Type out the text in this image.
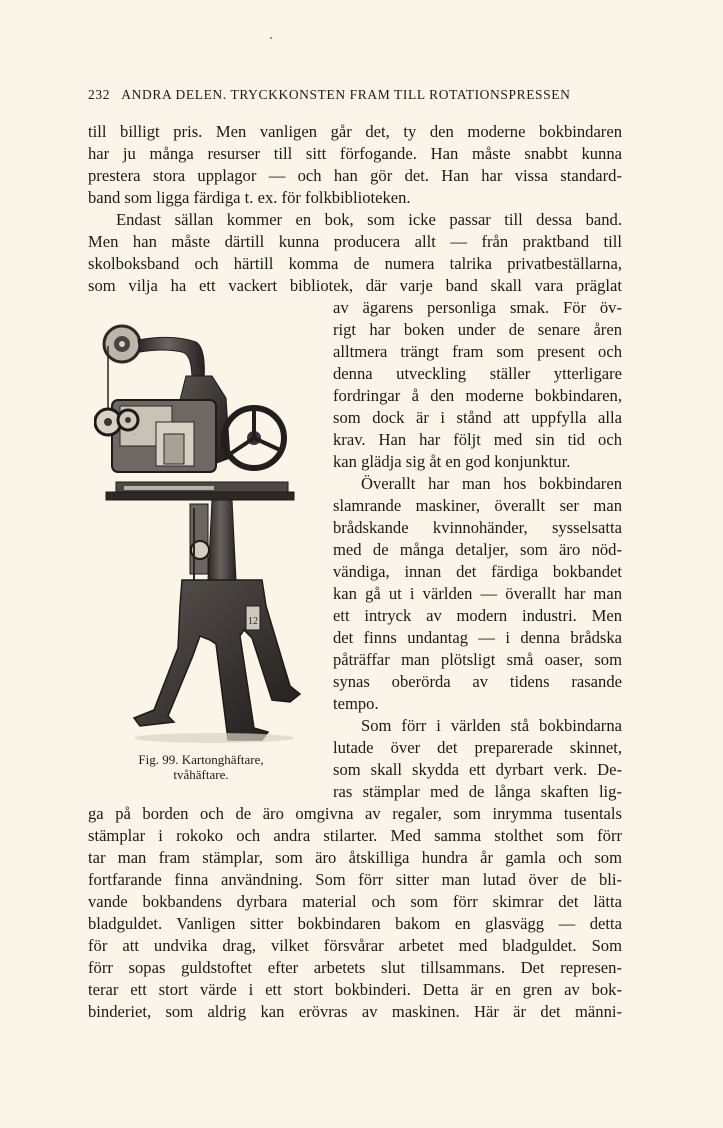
232 ANDRA DELEN. TRYCKKONSTEN FRAM TILL ROTATIONSPRESSEN
till billigt pris. Men vanligen går det, ty den moderne bokbindaren
har ju många resurser till sitt förfogande. Han måste snabbt kunna
prestera stora upplagor — och han gör det. Han har vissa standard-
band som ligga färdiga t. ex. för folkbiblioteken.
Endast sällan kommer en bok, som icke passar till dessa band.
Men han måste därtill kunna producera allt — från praktband till
skolboksband och härtill komma de numera talrika privatbeställarna,
som vilja ha ett vackert bibliotek, där varje band skall vara präglat
av ägarens personliga smak. För öv-
rigt har boken under de senare åren
alltmera trängt fram som present och
denna utveckling ställer ytterligare
fordringar å den moderne bokbindaren,
som dock är i stånd att uppfylla alla
krav. Han har följt med sin tid och
kan glädja sig åt en god konjunktur.
Överallt har man hos bokbindaren
slamrande maskiner, överallt ser man
brådskande kvinnohänder, sysselsatta
med de många detaljer, som äro nöd-
vändiga, innan det färdiga bokbandet
kan gå ut i världen — överallt har man
ett intryck av modern industri. Men
det finns undantag — i denna brådska
påträffar man plötsligt små oaser, som
synas oberörda av tidens rasande
tempo.
Som förr i världen stå bokbindarna
lutade över det preparerade skinnet,
som skall skydda ett dyrbart verk. De-
ras stämplar med de långa skaften lig-
ga på borden och de äro omgivna av regaler, som inrymma tusentals
stämplar i rokoko och andra stilarter. Med samma stolthet som förr
tar man fram stämplar, som äro åtskilliga hundra år gamla och som
fortfarande finna användning. Som förr sitter man lutad över de bli-
vande bokbandens dyrbara material och som förr skimrar det lätta
bladguldet. Vanligen sitter bokbindaren bakom en glasvägg — detta
för att undvika drag, vilket försvårar arbetet med bladguldet. Som
förr sopas guldstoftet efter arbetets slut tillsammans. Det represen-
terar ett stort värde i ett stort bokbinderi. Detta är en gren av bok-
binderiet, som aldrig kan erövras av maskinen. Här är det männi-
· · ·
12
Fig. 99. Kartonghäftare,
tvåhäftare.
